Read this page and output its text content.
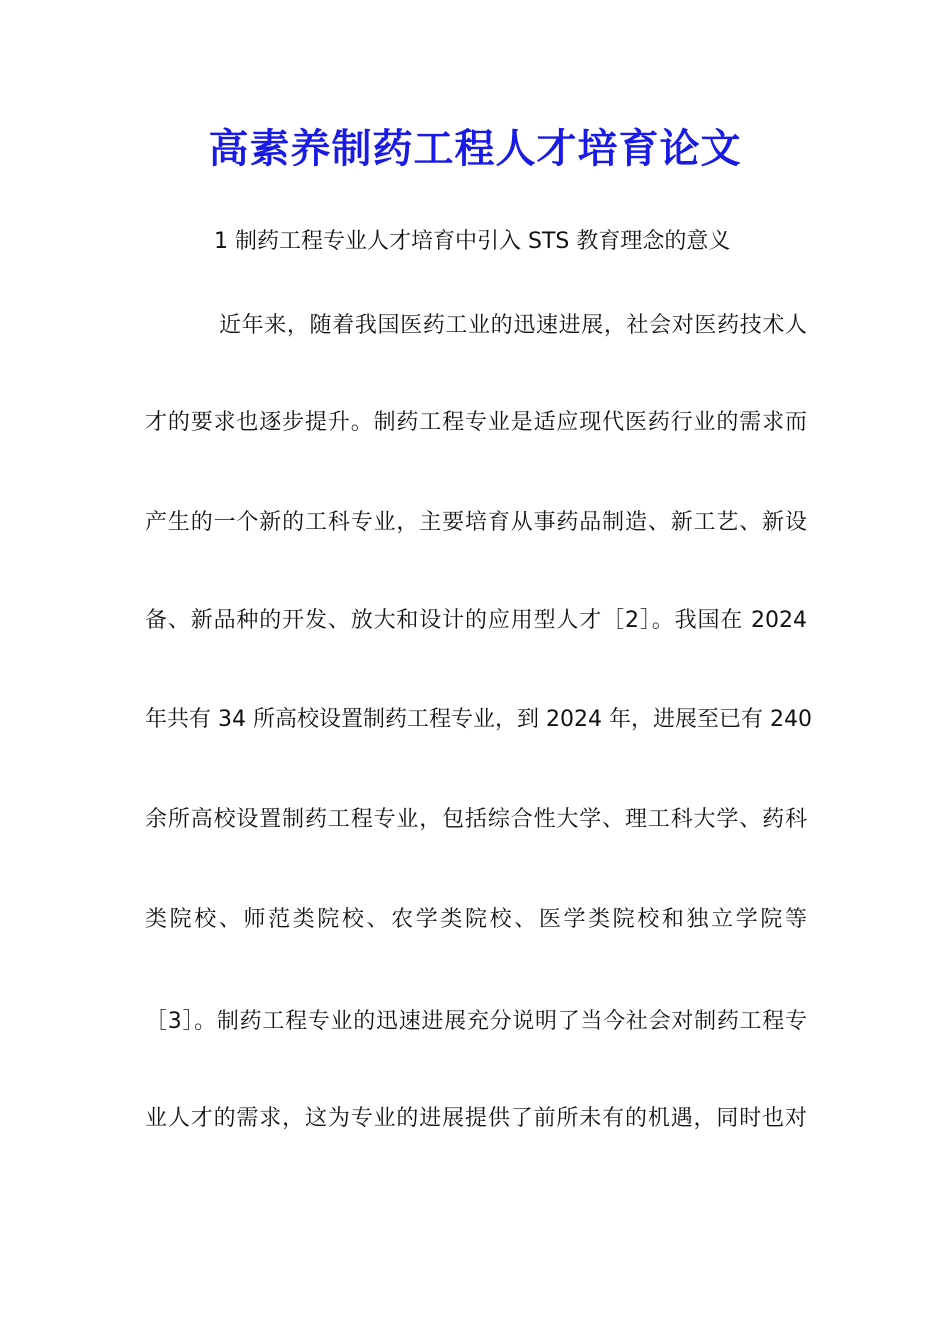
高素养制药工程人才培育论文

1 制药工程专业人才培育中引入 STS 教育理念的意义

近年来，随着我国医药工业的迅速进展，社会对医药技术人

才的要求也逐步提升。制药工程专业是适应现代医药行业的需求而

产生的一个新的工科专业，主要培育从事药品制造、新工艺、新设

备、新品种的开发、放大和设计的应用型人才［2］。我国在 2024

年共有 34 所高校设置制药工程专业，到 2024 年，进展至已有 240

余所高校设置制药工程专业，包括综合性大学、理工科大学、药科

类院校、师范类院校、农学类院校、医学类院校和独立学院等

［3］。制药工程专业的迅速进展充分说明了当今社会对制药工程专

业人才的需求，这为专业的进展提供了前所未有的机遇，同时也对
